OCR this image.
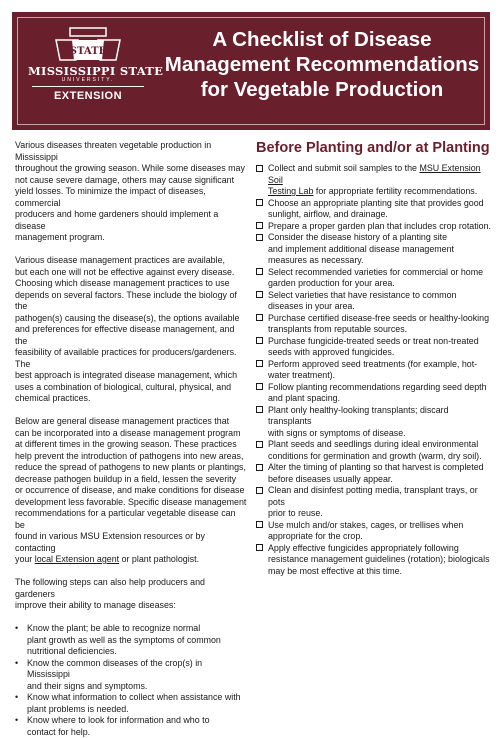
STATE
MISSISSIPPI STATE
UNIVERSITY.
EXTENSION
A Checklist of Disease
Management Recommendations
for Vegetable Production

Various diseases threaten vegetable production in Mississippi
throughout the growing season. While some diseases may
not cause severe damage, others may cause significant
yield losses. To minimize the impact of diseases, commercial
producers and home gardeners should implement a disease
management program.

Various disease management practices are available,
but each one will not be effective against every disease.
Choosing which disease management practices to use
depends on several factors. These include the biology of the
pathogen(s) causing the disease(s), the options available
and preferences for effective disease management, and the
feasibility of available practices for producers/gardeners. The
best approach is integrated disease management, which
uses a combination of biological, cultural, physical, and
chemical practices.

Below are general disease management practices that
can be incorporated into a disease management program
at different times in the growing season. These practices
help prevent the introduction of pathogens into new areas,
reduce the spread of pathogens to new plants or plantings,
decrease pathogen buildup in a field, lessen the severity
or occurrence of disease, and make conditions for disease
development less favorable. Specific disease management
recommendations for a particular vegetable disease can be
found in various MSU Extension resources or by contacting
your local Extension agent or plant pathologist.

The following steps can also help producers and gardeners
improve their ability to manage diseases:

• Know the plant; be able to recognize normal
plant growth as well as the symptoms of common
nutritional deficiencies.
• Know the common diseases of the crop(s) in Mississippi
and their signs and symptoms.
• Know what information to collect when assistance with
plant problems is needed.
• Know where to look for information and who to
contact for help.
Before Planting and/or at Planting
Collect and submit soil samples to the MSU Extension Soil
Testing Lab for appropriate fertility recommendations.
Choose an appropriate planting site that provides good
sunlight, airflow, and drainage.
Prepare a proper garden plan that includes crop rotation.
Consider the disease history of a planting site
and implement additional disease management
measures as necessary.
Select recommended varieties for commercial or home
garden production for your area.
Select varieties that have resistance to common
diseases in your area.
Purchase certified disease-free seeds or healthy-looking
transplants from reputable sources.
Purchase fungicide-treated seeds or treat non-treated
seeds with approved fungicides.
Perform approved seed treatments (for example, hot-
water treatment).
Follow planting recommendations regarding seed depth
and plant spacing.
Plant only healthy-looking transplants; discard transplants
with signs or symptoms of disease.
Plant seeds and seedlings during ideal environmental
conditions for germination and growth (warm, dry soil).
Alter the timing of planting so that harvest is completed
before diseases usually appear.
Clean and disinfest potting media, transplant trays, or pots
prior to reuse.
Use mulch and/or stakes, cages, or trellises when
appropriate for the crop.
Apply effective fungicides appropriately following
resistance management guidelines (rotation); biologicals
may be most effective at this time.
